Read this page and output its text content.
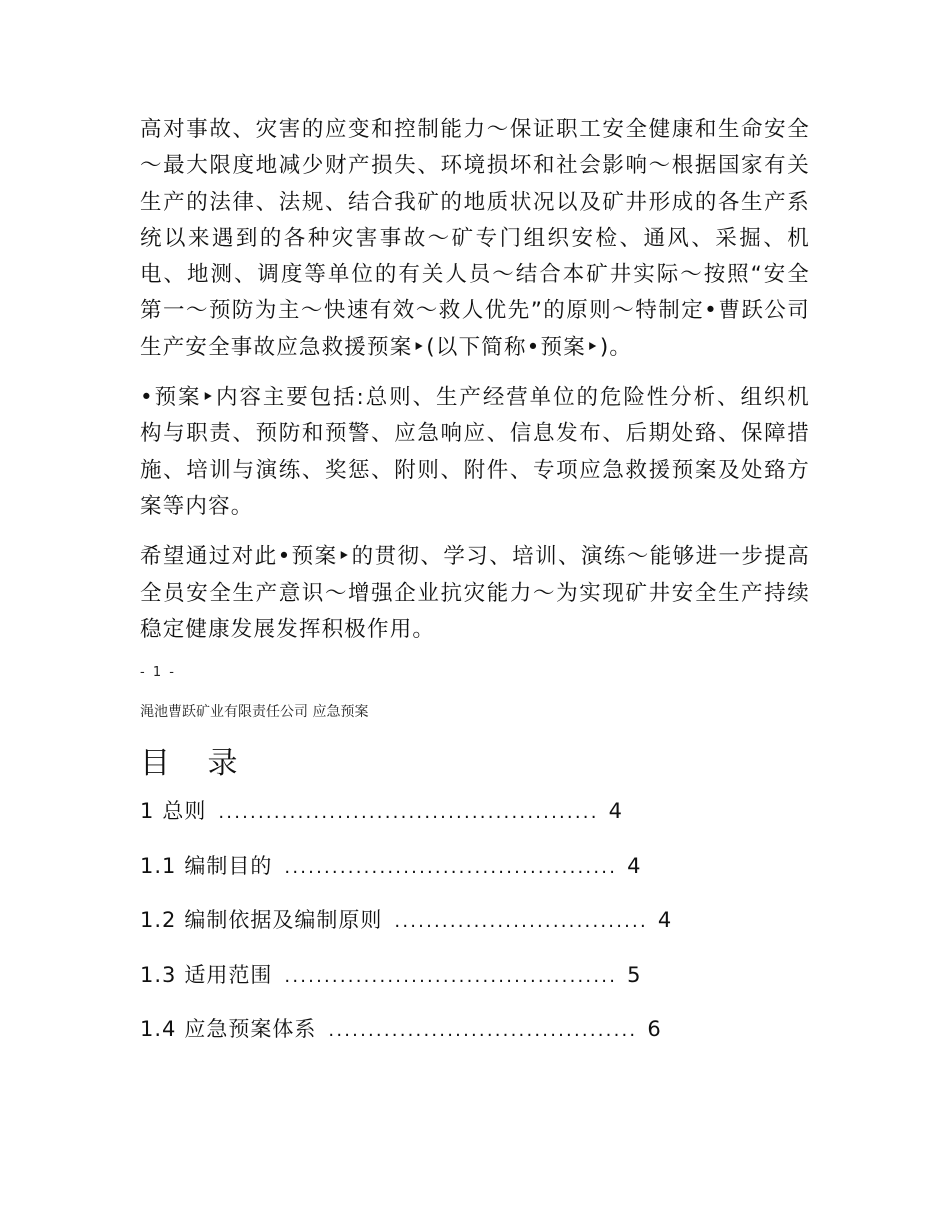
高对事故、灾害的应变和控制能力～保证职工安全健康和生命安全～最大限度地减少财产损失、环境损坏和社会影响～根据国家有关生产的法律、法规、结合我矿的地质状况以及矿井形成的各生产系统以来遇到的各种灾害事故～矿专门组织安检、通风、采掘、机电、地测、调度等单位的有关人员～结合本矿井实际～按照“安全第一～预防为主～快速有效～救人优先”的原则～特制定•曹跃公司生产安全事故应急救援预案‣(以下简称•预案‣)。

•预案‣内容主要包括:总则、生产经营单位的危险性分析、组织机构与职责、预防和预警、应急响应、信息发布、后期处臵、保障措施、培训与演练、奖惩、附则、附件、专项应急救援预案及处臵方案等内容。

希望通过对此•预案‣的贯彻、学习、培训、演练～能够进一步提高全员安全生产意识～增强企业抗灾能力～为实现矿井安全生产持续稳定健康发展发挥积极作用。

- 1 -
渑池曹跃矿业有限责任公司 应急预案
目 录
1 总则 ................................................ 4
1.1 编制目的 .......................................... 4
1.2 编制依据及编制原则 ................................ 4
1.3 适用范围 .......................................... 5
1.4 应急预案体系 ....................................... 6
